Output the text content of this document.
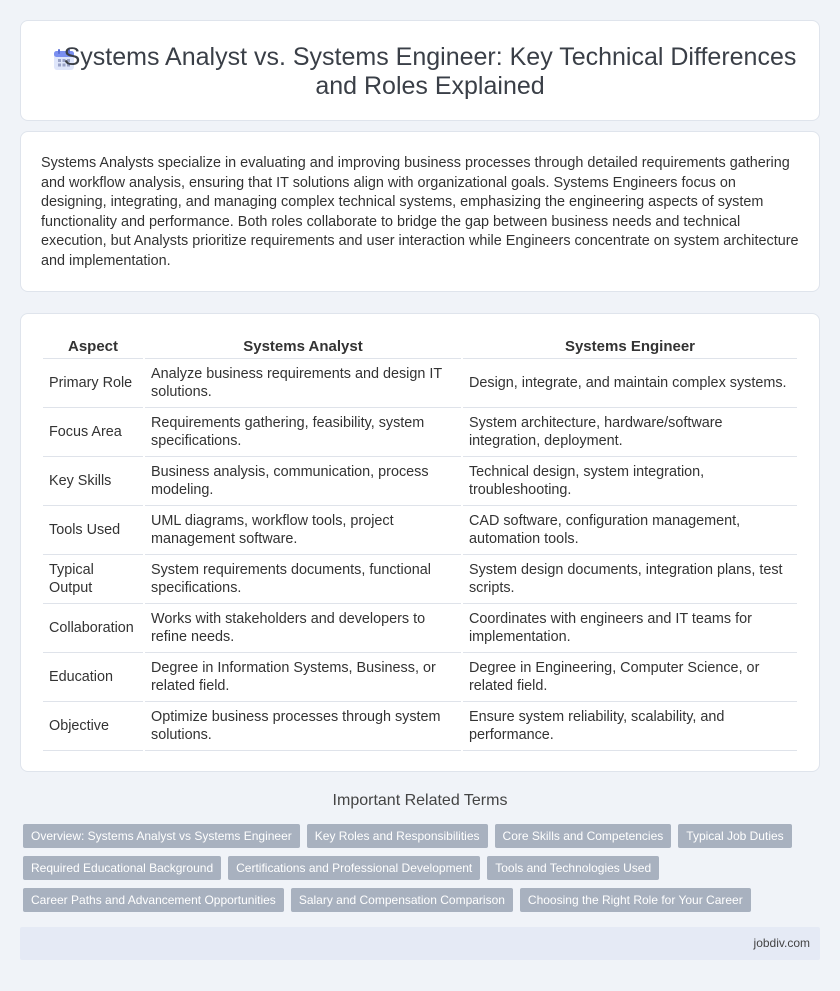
Systems Analyst vs. Systems Engineer: Key Technical Differences and Roles Explained

Systems Analysts specialize in evaluating and improving business processes through detailed requirements gathering and workflow analysis, ensuring that IT solutions align with organizational goals. Systems Engineers focus on designing, integrating, and managing complex technical systems, emphasizing the engineering aspects of system functionality and performance. Both roles collaborate to bridge the gap between business needs and technical execution, but Analysts prioritize requirements and user interaction while Engineers concentrate on system architecture and implementation.

Aspect	Systems Analyst	Systems Engineer
Primary Role	Analyze business requirements and design IT solutions.	Design, integrate, and maintain complex systems.
Focus Area	Requirements gathering, feasibility, system specifications.	System architecture, hardware/software integration, deployment.
Key Skills	Business analysis, communication, process modeling.	Technical design, system integration, troubleshooting.
Tools Used	UML diagrams, workflow tools, project management software.	CAD software, configuration management, automation tools.
Typical Output	System requirements documents, functional specifications.	System design documents, integration plans, test scripts.
Collaboration	Works with stakeholders and developers to refine needs.	Coordinates with engineers and IT teams for implementation.
Education	Degree in Information Systems, Business, or related field.	Degree in Engineering, Computer Science, or related field.
Objective	Optimize business processes through system solutions.	Ensure system reliability, scalability, and performance.
Important Related Terms
Overview: Systems Analyst vs Systems Engineer	Key Roles and Responsibilities	Core Skills and Competencies	Typical Job Duties
Required Educational Background	Certifications and Professional Development	Tools and Technologies Used
Career Paths and Advancement Opportunities	Salary and Compensation Comparison	Choosing the Right Role for Your Career
jobdiv.com
